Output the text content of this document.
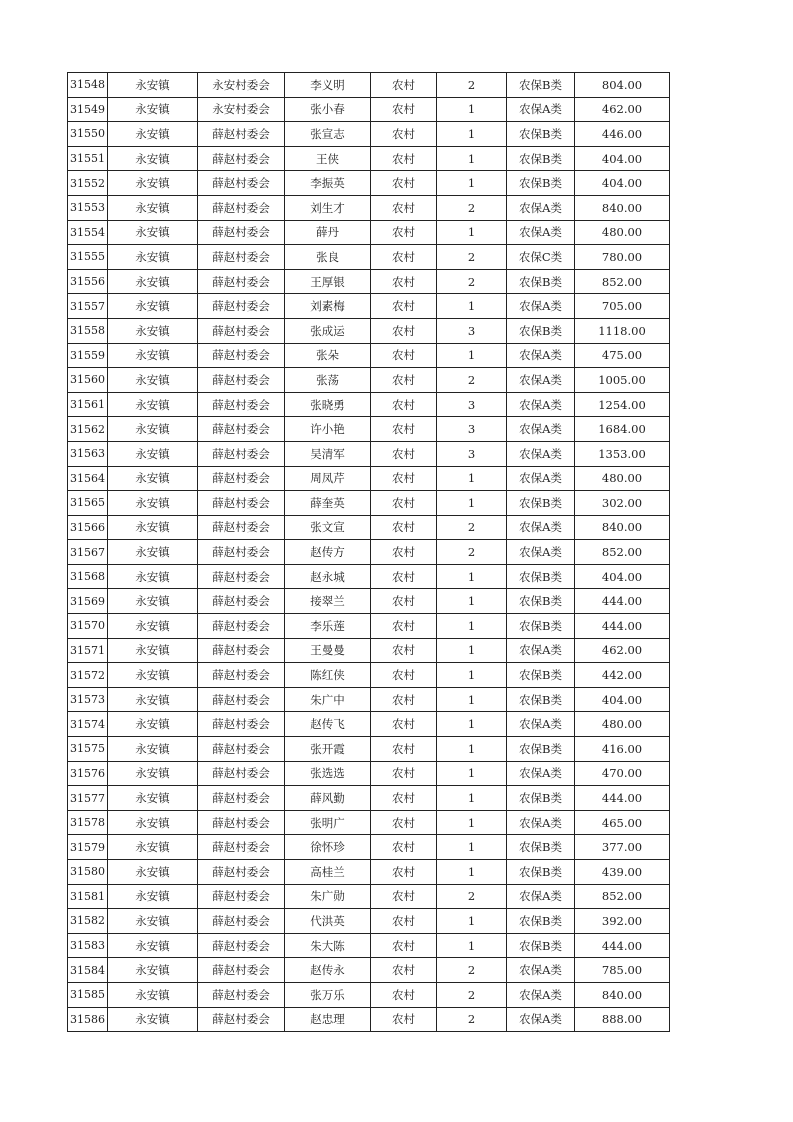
31548	永安镇	永安村委会	李义明	农村	2	农保B类	804.00
31549	永安镇	永安村委会	张小春	农村	1	农保A类	462.00
31550	永安镇	薛赵村委会	张宣志	农村	1	农保B类	446.00
31551	永安镇	薛赵村委会	王侠	农村	1	农保B类	404.00
31552	永安镇	薛赵村委会	李振英	农村	1	农保B类	404.00
31553	永安镇	薛赵村委会	刘生才	农村	2	农保A类	840.00
31554	永安镇	薛赵村委会	薛丹	农村	1	农保A类	480.00
31555	永安镇	薛赵村委会	张良	农村	2	农保C类	780.00
31556	永安镇	薛赵村委会	王厚银	农村	2	农保B类	852.00
31557	永安镇	薛赵村委会	刘素梅	农村	1	农保A类	705.00
31558	永安镇	薛赵村委会	张成运	农村	3	农保B类	1118.00
31559	永安镇	薛赵村委会	张朵	农村	1	农保A类	475.00
31560	永安镇	薛赵村委会	张荡	农村	2	农保A类	1005.00
31561	永安镇	薛赵村委会	张晓勇	农村	3	农保A类	1254.00
31562	永安镇	薛赵村委会	许小艳	农村	3	农保A类	1684.00
31563	永安镇	薛赵村委会	吴清军	农村	3	农保A类	1353.00
31564	永安镇	薛赵村委会	周凤芹	农村	1	农保A类	480.00
31565	永安镇	薛赵村委会	薛奎英	农村	1	农保B类	302.00
31566	永安镇	薛赵村委会	张文宣	农村	2	农保A类	840.00
31567	永安镇	薛赵村委会	赵传方	农村	2	农保A类	852.00
31568	永安镇	薛赵村委会	赵永城	农村	1	农保B类	404.00
31569	永安镇	薛赵村委会	接翠兰	农村	1	农保B类	444.00
31570	永安镇	薛赵村委会	李乐莲	农村	1	农保B类	444.00
31571	永安镇	薛赵村委会	王曼曼	农村	1	农保A类	462.00
31572	永安镇	薛赵村委会	陈红侠	农村	1	农保B类	442.00
31573	永安镇	薛赵村委会	朱广中	农村	1	农保B类	404.00
31574	永安镇	薛赵村委会	赵传飞	农村	1	农保A类	480.00
31575	永安镇	薛赵村委会	张开霞	农村	1	农保B类	416.00
31576	永安镇	薛赵村委会	张选选	农村	1	农保A类	470.00
31577	永安镇	薛赵村委会	薛风勤	农村	1	农保B类	444.00
31578	永安镇	薛赵村委会	张明广	农村	1	农保A类	465.00
31579	永安镇	薛赵村委会	徐怀珍	农村	1	农保B类	377.00
31580	永安镇	薛赵村委会	高桂兰	农村	1	农保B类	439.00
31581	永安镇	薛赵村委会	朱广勋	农村	2	农保A类	852.00
31582	永安镇	薛赵村委会	代洪英	农村	1	农保B类	392.00
31583	永安镇	薛赵村委会	朱大陈	农村	1	农保B类	444.00
31584	永安镇	薛赵村委会	赵传永	农村	2	农保A类	785.00
31585	永安镇	薛赵村委会	张万乐	农村	2	农保A类	840.00
31586	永安镇	薛赵村委会	赵忠理	农村	2	农保A类	888.00
